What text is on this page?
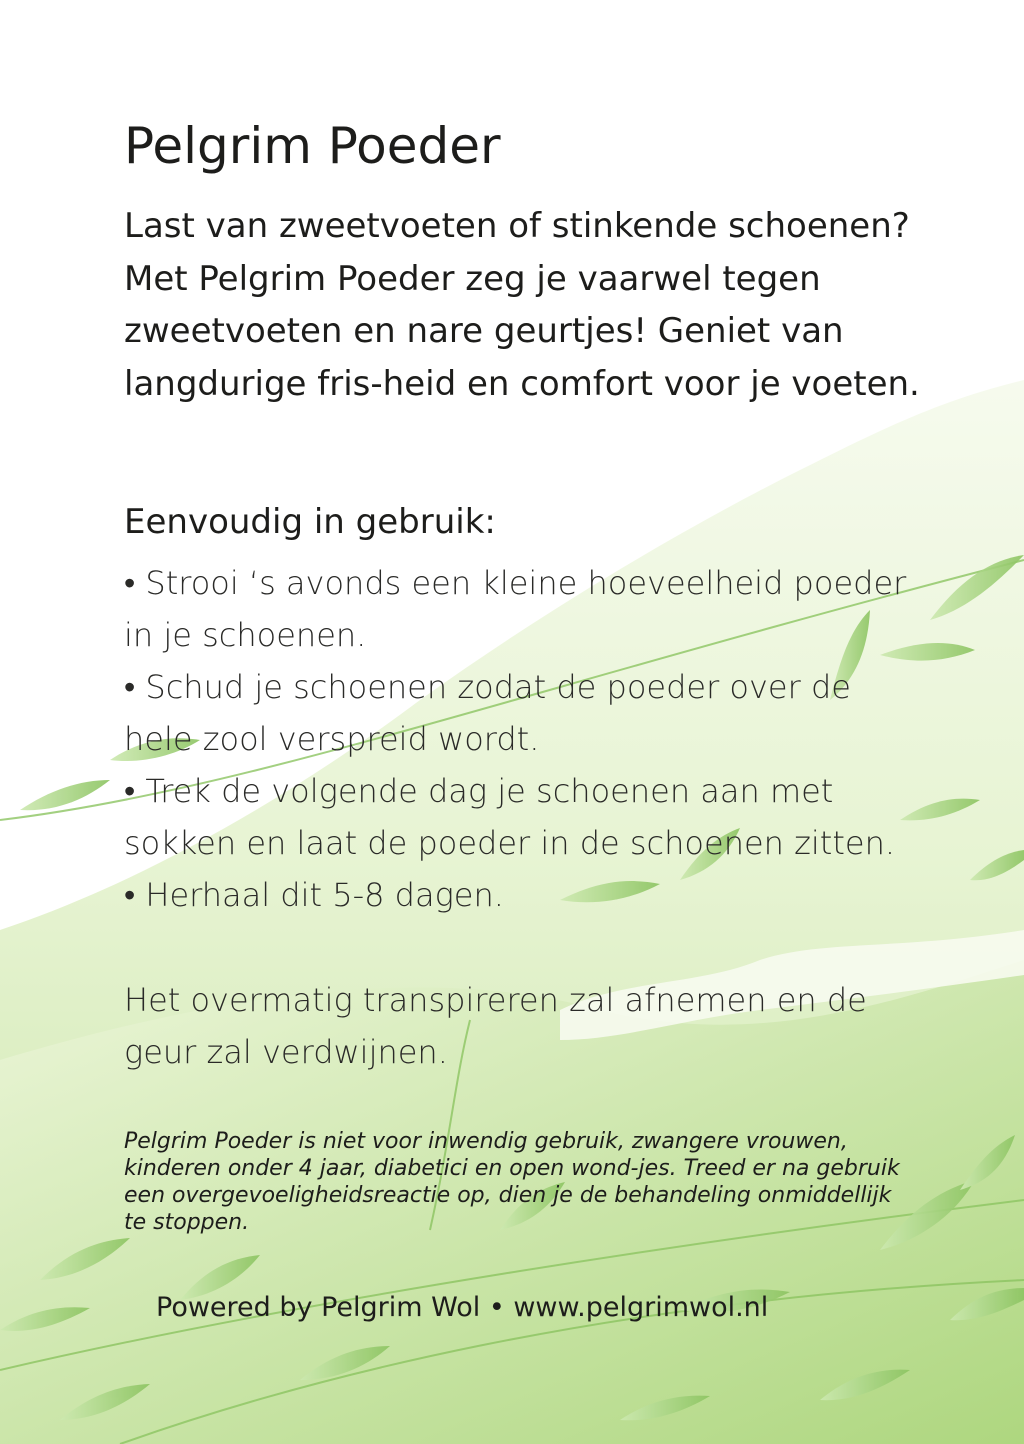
Pelgrim Poeder

Last van zweetvoeten of stinkende schoenen? Met Pelgrim Poeder zeg je vaarwel tegen zweetvoeten en nare geurtjes! Geniet van langdurige fris-heid en comfort voor je voeten.

Eenvoudig in gebruik:
• Strooi ‘s avonds een kleine hoeveelheid poeder in je schoenen.
• Schud je schoenen zodat de poeder over de hele zool verspreid wordt.
• Trek de volgende dag je schoenen aan met sokken en laat de poeder in de schoenen zitten.
• Herhaal dit 5-8 dagen.

Het overmatig transpireren zal afnemen en de geur zal verdwijnen.

Pelgrim Poeder is niet voor inwendig gebruik, zwangere vrouwen, kinderen onder 4 jaar, diabetici en open wond-jes. Treed er na gebruik een overgevoeligheidsreactie op, dien je de behandeling onmiddellijk te stoppen.

Powered by Pelgrim Wol • www.pelgrimwol.nl
